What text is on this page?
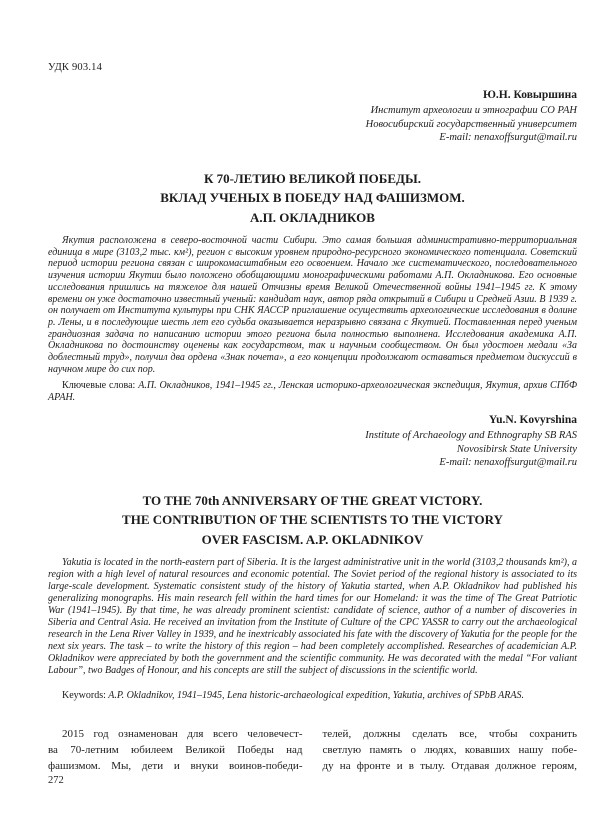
УДК 903.14
Ю.Н. Ковыршина
Институт археологии и этнографии СО РАН
Новосибирский государственный университет
E-mail: nenaxoffsurgut@mail.ru
К 70-ЛЕТИЮ ВЕЛИКОЙ ПОБЕДЫ.
ВКЛАД УЧЕНЫХ В ПОБЕДУ НАД ФАШИЗМОМ.
А.П. ОКЛАДНИКОВ
Якутия расположена в северо-восточной части Сибири. Это самая большая административно-территориальная единица в мире (3103,2 тыс. км²), регион с высоким уровнем природно-ресурсного экономического потенциала. Советский период истории региона связан с широкомасштабным его освоением. Начало же систематического, последовательного изучения истории Якутии было положено обобщающими монографическими работами А.П. Окладникова. Его основные исследования пришлись на тяжелое для нашей Отчизны время Великой Отечественной войны 1941–1945 гг. К этому времени он уже достаточно известный ученый: кандидат наук, автор ряда открытий в Сибири и Средней Азии. В 1939 г. он получает от Института культуры при СНК ЯАССР приглашение осуществить археологические исследования в долине р. Лены, и в последующие шесть лет его судьба оказывается неразрывно связана с Якутией. Поставленная перед ученым грандиозная задача по написанию истории этого региона была полностью выполнена. Исследования академика А.П. Окладникова по достоинству оценены как государством, так и научным сообществом. Он был удостоен медали «За доблестный труд», получил два ордена «Знак почета», а его концепции продолжают оставаться предметом дискуссий в научном мире до сих пор.
Ключевые слова: А.П. Окладников, 1941–1945 гг., Ленская историко-археологическая экспедиция, Якутия, архив СПбФ АРАН.
Yu.N. Kovyrshina
Institute of Archaeology and Ethnography SB RAS
Novosibirsk State University
E-mail: nenaxoffsurgut@mail.ru
TO THE 70th ANNIVERSARY OF THE GREAT VICTORY.
THE CONTRIBUTION OF THE SCIENTISTS TO THE VICTORY
OVER FASCISM. A.P. OKLADNIKOV
Yakutia is located in the north-eastern part of Siberia. It is the largest administrative unit in the world (3103,2 thousands km²), a region with a high level of natural resources and economic potential. The Soviet period of the regional history is associated to its large-scale development. Systematic consistent study of the history of Yakutia started, when A.P. Okladnikov had published his generalizing monographs. His main research fell within the hard times for our Homeland: it was the time of The Great Patriotic War (1941–1945). By that time, he was already prominent scientist: candidate of science, author of a number of discoveries in Siberia and Central Asia. He received an invitation from the Institute of Culture of the CPC YASSR to carry out the archaeological research in the Lena River Valley in 1939, and he inextricably associated his fate with the discovery of Yakutia for the people for the next six years. The task – to write the history of this region – had been completely accomplished. Researches of academician A.P. Okladnikov were appreciated by both the government and the scientific community. He was decorated with the medal “For valiant Labour”, two Badges of Honour, and his concepts are still the subject of discussions in the scientific world.
Keywords: A.P. Okladnikov, 1941–1945, Lena historic-archaeological expedition, Yakutia, archives of SPbB ARAS.
2015 год ознаменован для всего человечест-
ва 70-летним юбилеем Великой Победы над
фашизмом. Мы, дети и внуки воинов-победи-
телей, должны сделать все, чтобы сохранить
светлую память о людях, ковавших нашу побе-
ду на фронте и в тылу. Отдавая должное героям,
272
